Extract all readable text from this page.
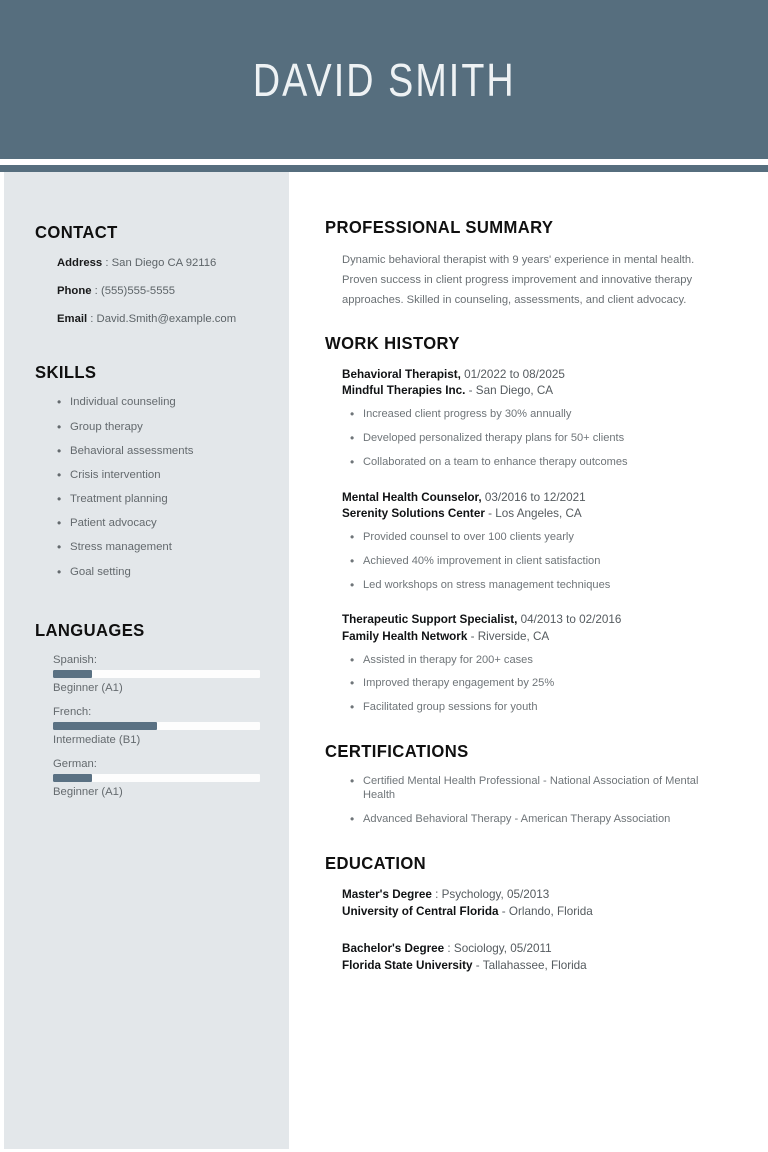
DAVID SMITH
CONTACT
Address : San Diego CA 92116
Phone : (555)555-5555
Email : David.Smith@example.com
SKILLS
• Individual counseling
• Group therapy
• Behavioral assessments
• Crisis intervention
• Treatment planning
• Patient advocacy
• Stress management
• Goal setting
LANGUAGES
Spanish:
Beginner (A1)
French:
Intermediate (B1)
German:
Beginner (A1)
PROFESSIONAL SUMMARY

Dynamic behavioral therapist with 9 years' experience in mental health. Proven success in client progress improvement and innovative therapy approaches. Skilled in counseling, assessments, and client advocacy.

WORK HISTORY
Behavioral Therapist, 01/2022 to 08/2025
Mindful Therapies Inc. - San Diego, CA
• Increased client progress by 30% annually
• Developed personalized therapy plans for 50+ clients
• Collaborated on a team to enhance therapy outcomes
Mental Health Counselor, 03/2016 to 12/2021
Serenity Solutions Center - Los Angeles, CA
• Provided counsel to over 100 clients yearly
• Achieved 40% improvement in client satisfaction
• Led workshops on stress management techniques
Therapeutic Support Specialist, 04/2013 to 02/2016
Family Health Network - Riverside, CA
• Assisted in therapy for 200+ cases
• Improved therapy engagement by 25%
• Facilitated group sessions for youth
CERTIFICATIONS
• Certified Mental Health Professional - National Association of Mental Health
• Advanced Behavioral Therapy - American Therapy Association
EDUCATION
Master's Degree : Psychology, 05/2013
University of Central Florida - Orlando, Florida
Bachelor's Degree : Sociology, 05/2011
Florida State University - Tallahassee, Florida
